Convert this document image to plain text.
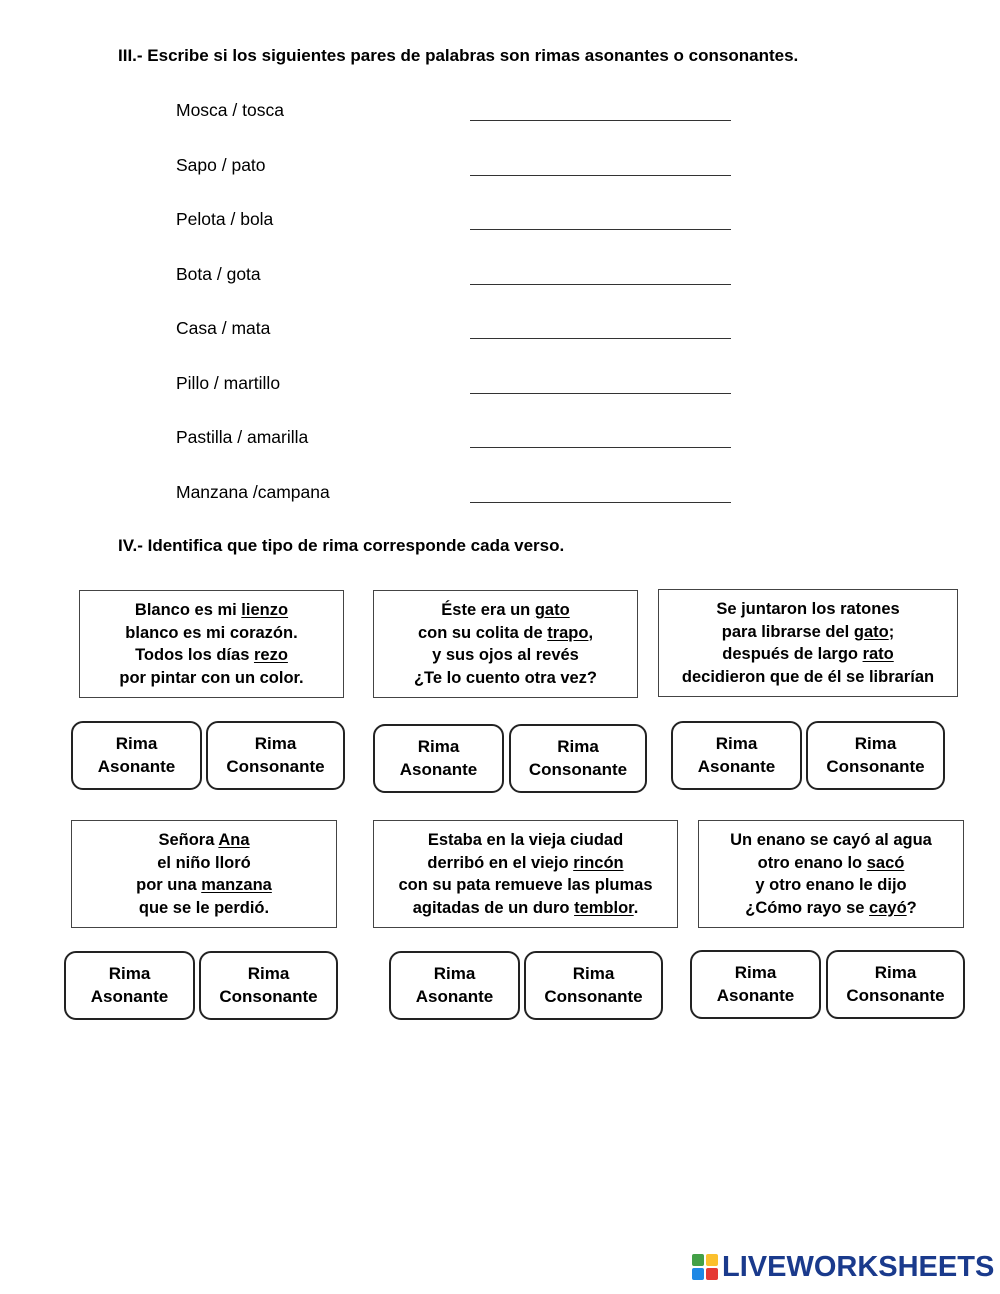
III.- Escribe si los siguientes pares de palabras son rimas asonantes o consonantes.
Mosca / tosca
Sapo / pato
Pelota / bola
Bota / gota
Casa / mata
Pillo / martillo
Pastilla / amarilla
Manzana /campana
IV.- Identifica que tipo de rima corresponde cada verso.
Blanco es mi lienzo
blanco es mi corazón.
Todos los días rezo
por pintar con un color.
Rima
Asonante
Rima
Consonante
Éste era un gato
con su colita de trapo,
y sus ojos al revés
¿Te lo cuento otra vez?
Rima
Asonante
Rima
Consonante
Se juntaron los ratones
para librarse del gato;
después de largo rato
decidieron que de él se librarían
Rima
Asonante
Rima
Consonante
Señora Ana
el niño lloró
por una manzana
que se le perdió.
Rima
Asonante
Rima
Consonante
Estaba en la vieja ciudad
derribó en el viejo rincón
con su pata remueve las plumas
agitadas de un duro temblor.
Rima
Asonante
Rima
Consonante
Un enano se cayó al agua
otro enano lo sacó
y otro enano le dijo
¿Cómo rayo se cayó?
Rima
Asonante
Rima
Consonante
LIVEWORKSHEETS
